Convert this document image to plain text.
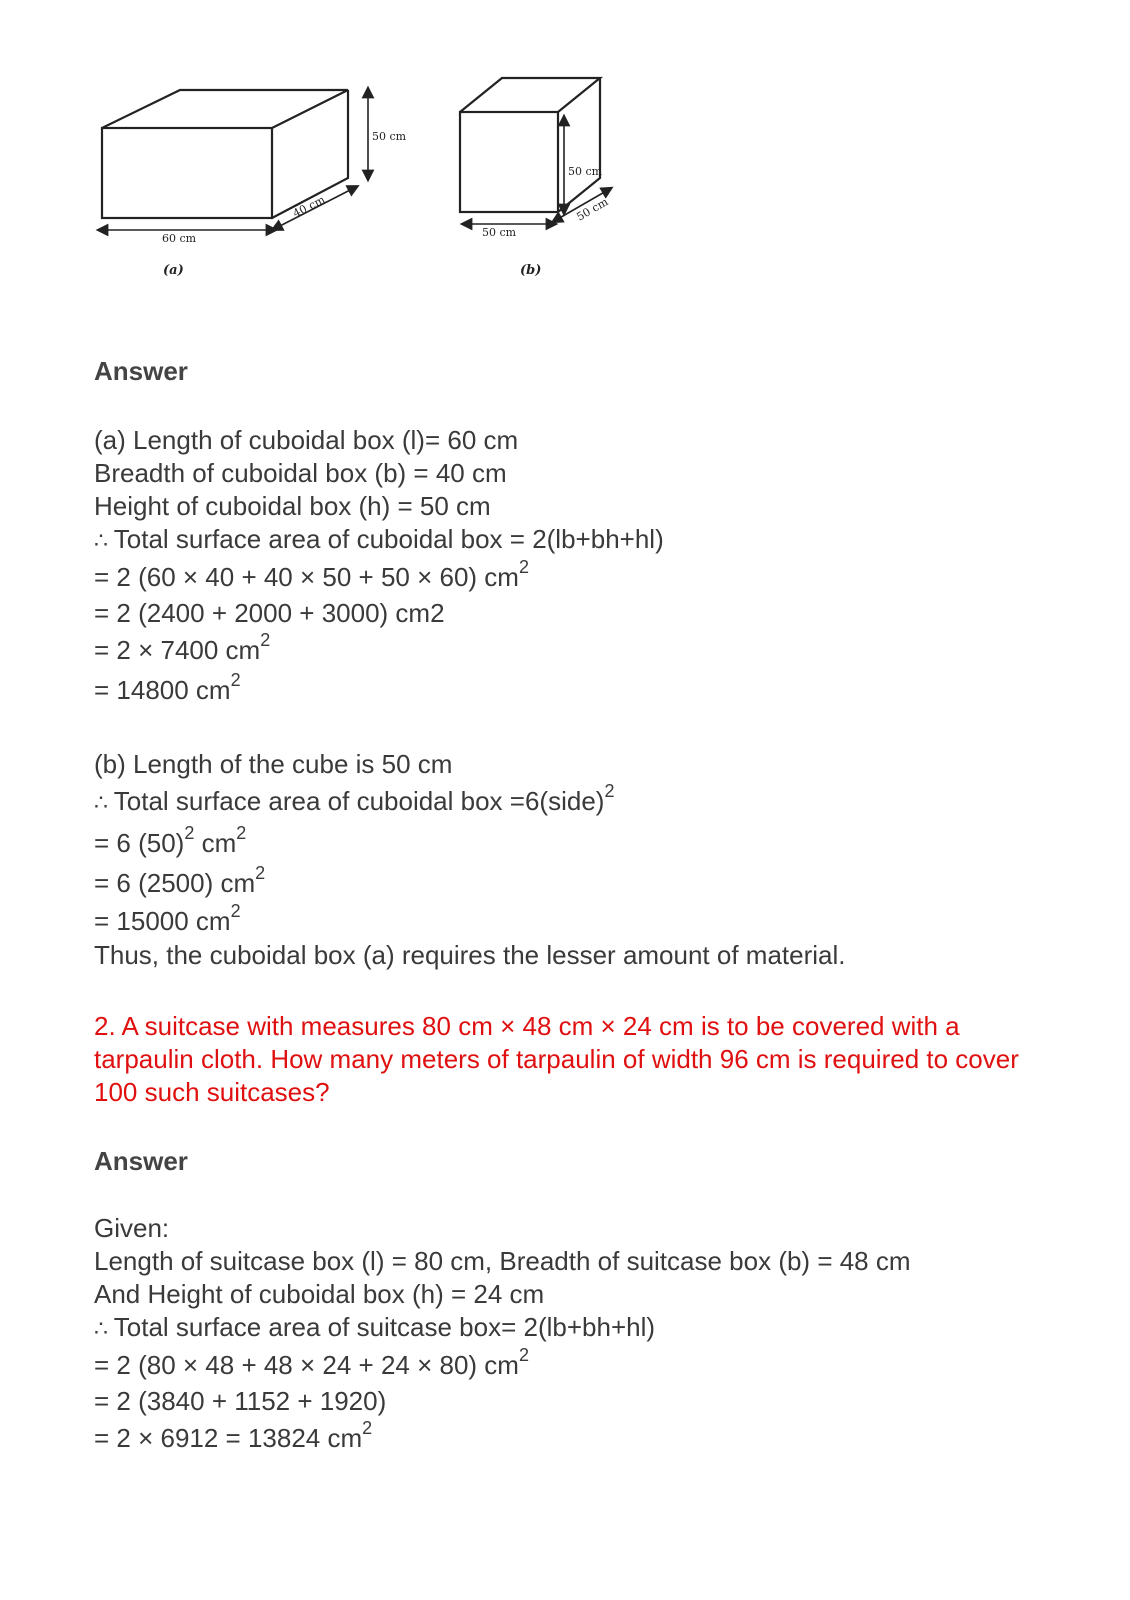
50 cm
40 cm
60 cm
(a)
50 cm
50 cm
50 cm
(b)
Answer
(a) Length of cuboidal box (l)= 60 cm
Breadth of cuboidal box (b) = 40 cm
Height of cuboidal box (h) = 50 cm
∴ Total surface area of cuboidal box = 2(lb+bh+hl)
= 2 (60 × 40 + 40 × 50 + 50 × 60) $cm^2$
= 2 (2400 + 2000 + 3000) cm2
= 2 × 7400 $cm^2$
= 14800 $cm^2$
(b) Length of the cube is 50 cm
∴ Total surface area of cuboidal box =6(side)$^2$
= 6 $(50)^2$ $cm^2$
= 6 (2500) $cm^2$
= 15000 $cm^2$
Thus, the cuboidal box (a) requires the lesser amount of material.
2. A suitcase with measures 80 cm × 48 cm × 24 cm is to be covered with a tarpaulin cloth. How many meters of tarpaulin of width 96 cm is required to cover 100 such suitcases?
Answer
Given:
Length of suitcase box (l) = 80 cm, Breadth of suitcase box (b) = 48 cm
And Height of cuboidal box (h) = 24 cm
∴ Total surface area of suitcase box= 2(lb+bh+hl)
= 2 (80 × 48 + 48 × 24 + 24 × 80) $cm^2$
= 2 (3840 + 1152 + 1920)
= 2 × 6912 = 13824 $cm^2$
